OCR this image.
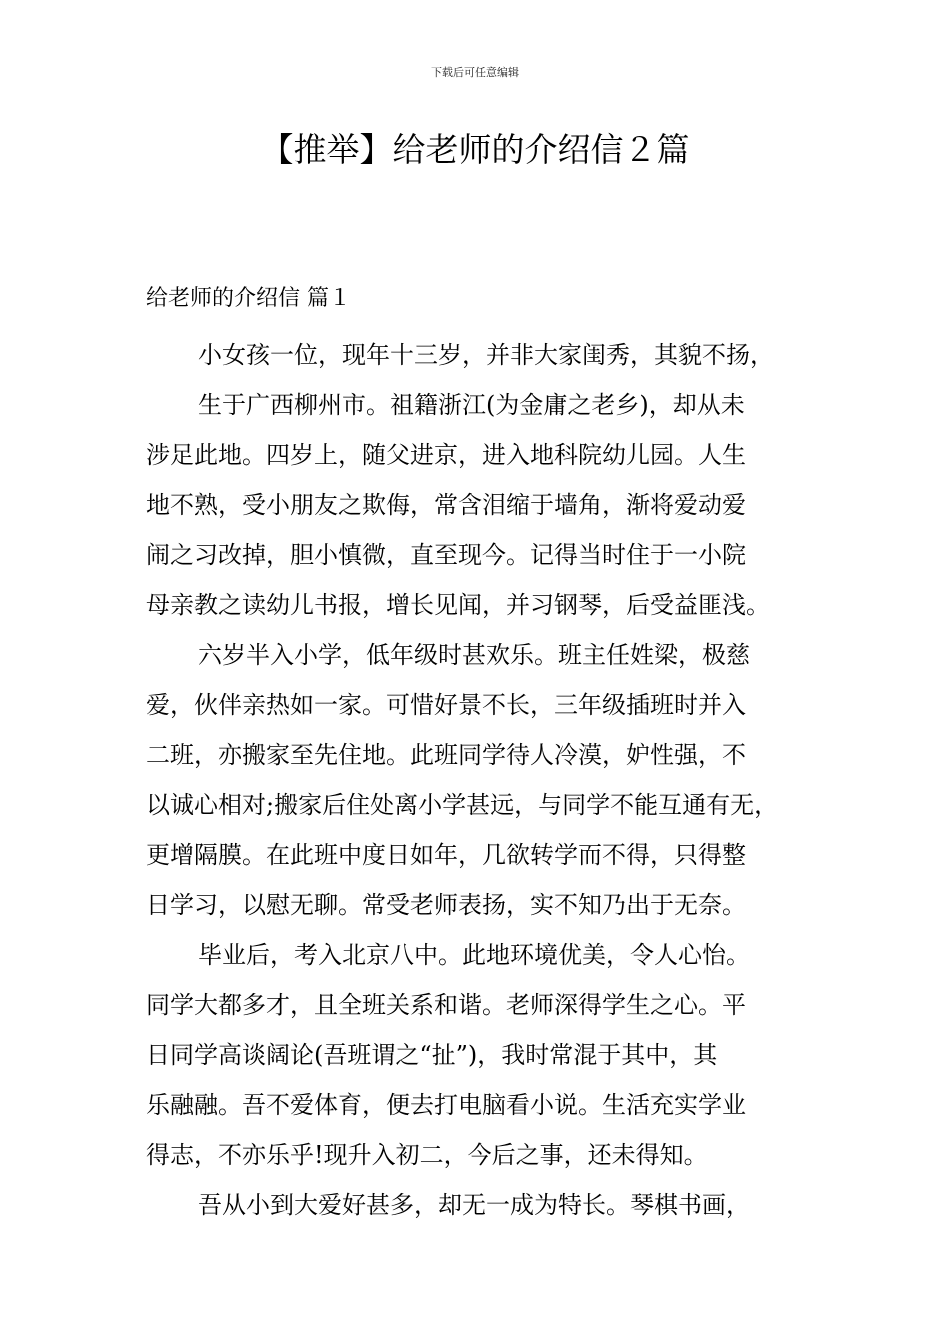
下载后可任意编辑
【推举】给老师的介绍信２篇
给老师的介绍信 篇１
小女孩一位，现年十三岁，并非大家闺秀，其貌不扬，
生于广西柳州市。祖籍浙江(为金庸之老乡)，却从未
涉足此地。四岁上，随父进京，进入地科院幼儿园。人生
地不熟，受小朋友之欺侮，常含泪缩于墙角，渐将爱动爱
闹之习改掉，胆小慎微，直至现今。记得当时住于一小院
母亲教之读幼儿书报，增长见闻，并习钢琴，后受益匪浅。
六岁半入小学，低年级时甚欢乐。班主任姓梁，极慈
爱，伙伴亲热如一家。可惜好景不长，三年级插班时并入
二班，亦搬家至先住地。此班同学待人冷漠，妒性强，不
以诚心相对;搬家后住处离小学甚远，与同学不能互通有无，
更增隔膜。在此班中度日如年，几欲转学而不得，只得整
日学习，以慰无聊。常受老师表扬，实不知乃出于无奈。
毕业后，考入北京八中。此地环境优美，令人心怡。
同学大都多才，且全班关系和谐。老师深得学生之心。平
日同学高谈阔论(吾班谓之“扯”)，我时常混于其中，其
乐融融。吾不爱体育，便去打电脑看小说。生活充实学业
得志，不亦乐乎!现升入初二，今后之事，还未得知。
吾从小到大爱好甚多，却无一成为特长。琴棋书画，
